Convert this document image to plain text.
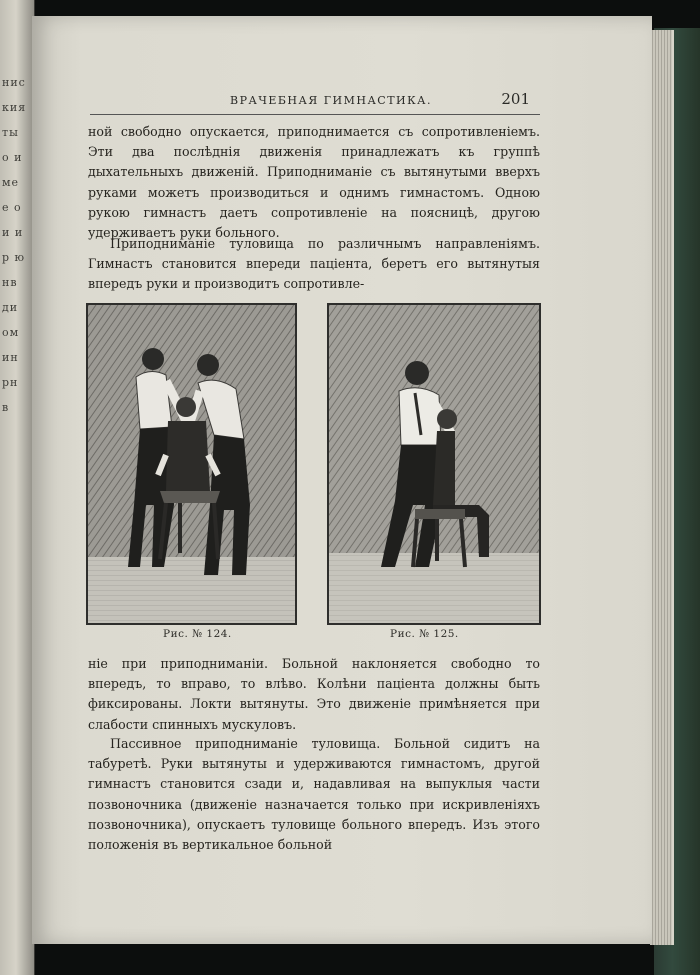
нис кия ты о и мe е о и и р ю нв ди ом ин рн в
ВРАЧЕБНАЯ ГИМНАСТИКА.	201

ной свободно опускается, приподнимается съ сопротивленіемъ. Эти два послѣднія движенія принадлежатъ къ группѣ дыхательныхъ движеній. Приподниманіе съ вытянутыми вверхъ руками можетъ производиться и однимъ гимнастомъ. Одною рукою гимнастъ даетъ сопротивленіе на поясницѣ, другою удерживаетъ руки больного.

Приподниманіе туловища по различнымъ направленіямъ. Гимнастъ становится впереди паціента, беретъ его вытянутыя впередъ руки и производитъ сопротивле-

Рис. № 124.	Рис. № 125.

ніе при приподниманіи. Больной наклоняется свободно то впередъ, то вправо, то влѣво. Колѣни паціента должны быть фиксированы. Локти вытянуты. Это движеніе примѣняется при слабости спинныхъ мускуловъ.

Пассивное приподниманіе туловища. Больной сидитъ на табуретѣ. Руки вытянуты и удерживаются гимнастомъ, другой гимнастъ становится сзади и, надавливая на выпуклыя части позвоночника (движеніе назначается только при искривленіяхъ позвоночника), опускаетъ туловище больного впередъ. Изъ этого положенія въ вертикальное больной
